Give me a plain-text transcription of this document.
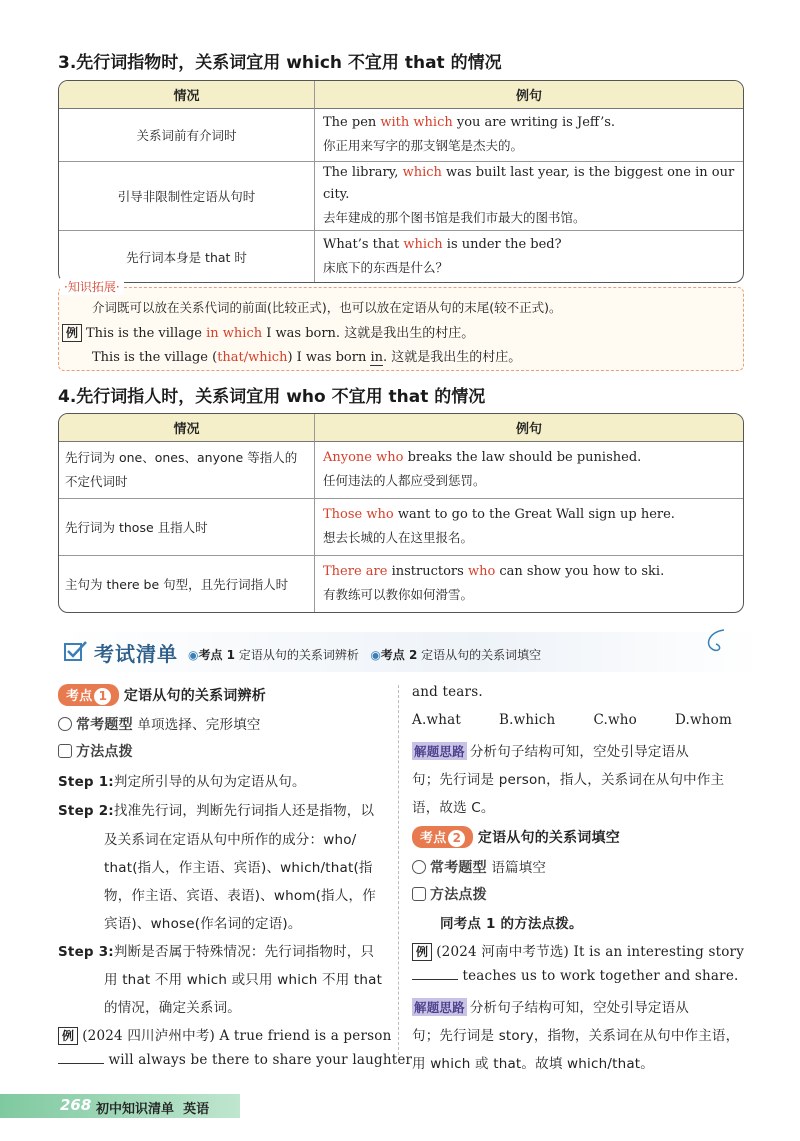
3.先行词指物时，关系词宜用 which 不宜用 that 的情况
情况	例句
关系词前有介词时	The pen with which you are writing is Jeff’s.
你正用来写字的那支钢笔是杰夫的。

引导非限制性定语从句时	The library, which was built last year, is the biggest one in our city.
去年建成的那个图书馆是我们市最大的图书馆。

先行词本身是 that 时	What’s that which is under the bed?
床底下的东西是什么？
·知识拓展·
介词既可以放在关系代词的前面(比较正式)，也可以放在定语从句的末尾(较不正式)。
例 This is the village in which I was born. 这就是我出生的村庄。
This is the village (that/which) I was born in. 这就是我出生的村庄。
4.先行词指人时，关系词宜用 who 不宜用 that 的情况
情况	例句
先行词为 one、ones、anyone 等指人的不定代词时	Anyone who breaks the law should be punished.
任何违法的人都应受到惩罚。

先行词为 those 且指人时	Those who want to go to the Great Wall sign up here.
想去长城的人在这里报名。

主句为 there be 句型，且先行词指人时	There are instructors who can show you how to ski.
有教练可以教你如何滑雪。
考试清单 ◉考点 1 定语从句的关系词辨析 ◉考点 2 定语从句的关系词填空
考点 1 定语从句的关系词辨析
常考题型 单项选择、完形填空
方法点拨
Step 1:判定所引导的从句为定语从句。
Step 2:找准先行词，判断先行词指人还是指物，以
及关系词在定语从句中所作的成分：who/
that(指人，作主语、宾语)、which/that(指
物，作主语、宾语、表语)、whom(指人，作
宾语)、whose(作名词的定语)。
Step 3:判断是否属于特殊情况：先行词指物时，只
用 that 不用 which 或只用 which 不用 that
的情况，确定关系词。
例 (2024 四川泸州中考) A true friend is a person
will always be there to share your laughter
and tears.
A.what	B.which	C.who	D.whom
解题思路 分析句子结构可知，空处引导定语从
句；先行词是 person，指人，关系词在从句中作主
语，故选 C。
考点 2 定语从句的关系词填空
常考题型 语篇填空
方法点拨
同考点 1 的方法点拨。
例 (2024 河南中考节选) It is an interesting story
teaches us to work together and share.
解题思路 分析句子结构可知，空处引导定语从
句；先行词是 story，指物，关系词在从句中作主语，
用 which 或 that。故填 which/that。
268 初中知识清单 英语
